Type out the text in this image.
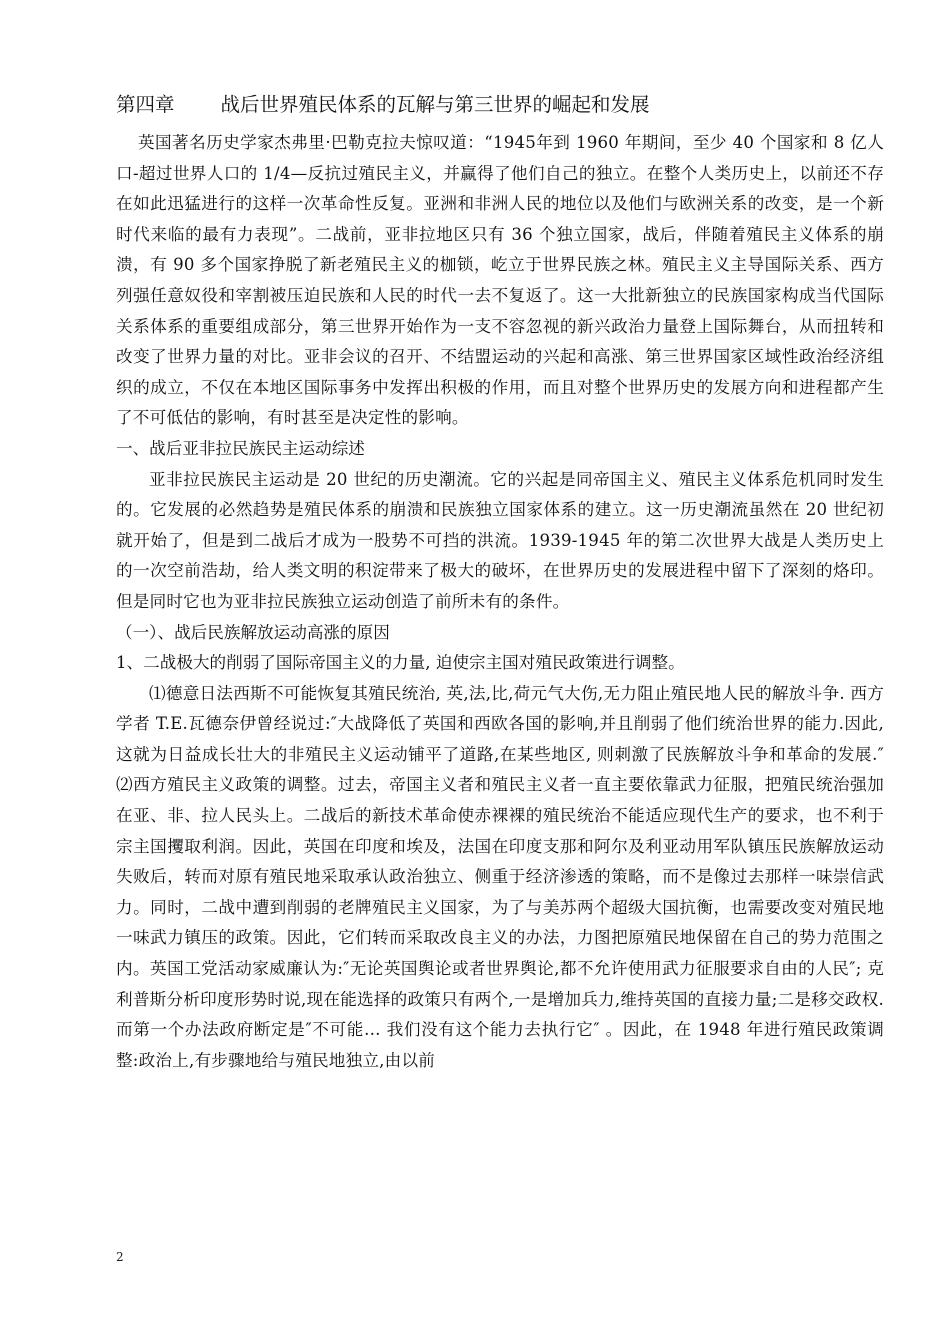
第四章 战后世界殖民体系的瓦解与第三世界的崛起和发展

英国著名历史学家杰弗里·巴勒克拉夫惊叹道：“1945年到 1960 年期间，至少 40 个国家和 8 亿人口-超过世界人口的 1/4—反抗过殖民主义，并赢得了他们自己的独立。在整个人类历史上，以前还不存在如此迅猛进行的这样一次革命性反复。亚洲和非洲人民的地位以及他们与欧洲关系的改变，是一个新时代来临的最有力表现”。二战前，亚非拉地区只有 36 个独立国家，战后，伴随着殖民主义体系的崩溃，有 90 多个国家挣脱了新老殖民主义的枷锁，屹立于世界民族之林。殖民主义主导国际关系、西方列强任意奴役和宰割被压迫民族和人民的时代一去不复返了。这一大批新独立的民族国家构成当代国际关系体系的重要组成部分，第三世界开始作为一支不容忽视的新兴政治力量登上国际舞台，从而扭转和改变了世界力量的对比。亚非会议的召开、不结盟运动的兴起和高涨、第三世界国家区域性政治经济组织的成立，不仅在本地区国际事务中发挥出积极的作用，而且对整个世界历史的发展方向和进程都产生了不可低估的影响，有时甚至是决定性的影响。

一、战后亚非拉民族民主运动综述

亚非拉民族民主运动是 20 世纪的历史潮流。它的兴起是同帝国主义、殖民主义体系危机同时发生的。它发展的必然趋势是殖民体系的崩溃和民族独立国家体系的建立。这一历史潮流虽然在 20 世纪初就开始了，但是到二战后才成为一股势不可挡的洪流。1939-1945 年的第二次世界大战是人类历史上的一次空前浩劫，给人类文明的积淀带来了极大的破坏，在世界历史的发展进程中留下了深刻的烙印。但是同时它也为亚非拉民族独立运动创造了前所未有的条件。

（一）、战后民族解放运动高涨的原因

1、二战极大的削弱了国际帝国主义的力量, 迫使宗主国对殖民政策进行调整。

⑴德意日法西斯不可能恢复其殖民统治, 英,法,比,荷元气大伤,无力阻止殖民地人民的解放斗争. 西方学者 T.E.瓦德奈伊曾经说过:″大战降低了英国和西欧各国的影响,并且削弱了他们统治世界的能力.因此,这就为日益成长壮大的非殖民主义运动铺平了道路,在某些地区, 则刺激了民族解放斗争和革命的发展.″ ⑵西方殖民主义政策的调整。过去，帝国主义者和殖民主义者一直主要依靠武力征服，把殖民统治强加在亚、非、拉人民头上。二战后的新技术革命使赤裸裸的殖民统治不能适应现代生产的要求，也不利于宗主国攫取利润。因此，英国在印度和埃及，法国在印度支那和阿尔及利亚动用军队镇压民族解放运动失败后，转而对原有殖民地采取承认政治独立、侧重于经济渗透的策略，而不是像过去那样一味崇信武力。同时，二战中遭到削弱的老牌殖民主义国家，为了与美苏两个超级大国抗衡，也需要改变对殖民地一味武力镇压的政策。因此，它们转而采取改良主义的办法，力图把原殖民地保留在自己的势力范围之内。英国工党活动家威廉认为:″无论英国舆论或者世界舆论,都不允许使用武力征服要求自由的人民″; 克利普斯分析印度形势时说,现在能选择的政策只有两个,一是增加兵力,维持英国的直接力量;二是移交政权.而第一个办法政府断定是″不可能… 我们没有这个能力去执行它″ 。因此，在 1948 年进行殖民政策调整:政治上,有步骤地给与殖民地独立,由以前

2
